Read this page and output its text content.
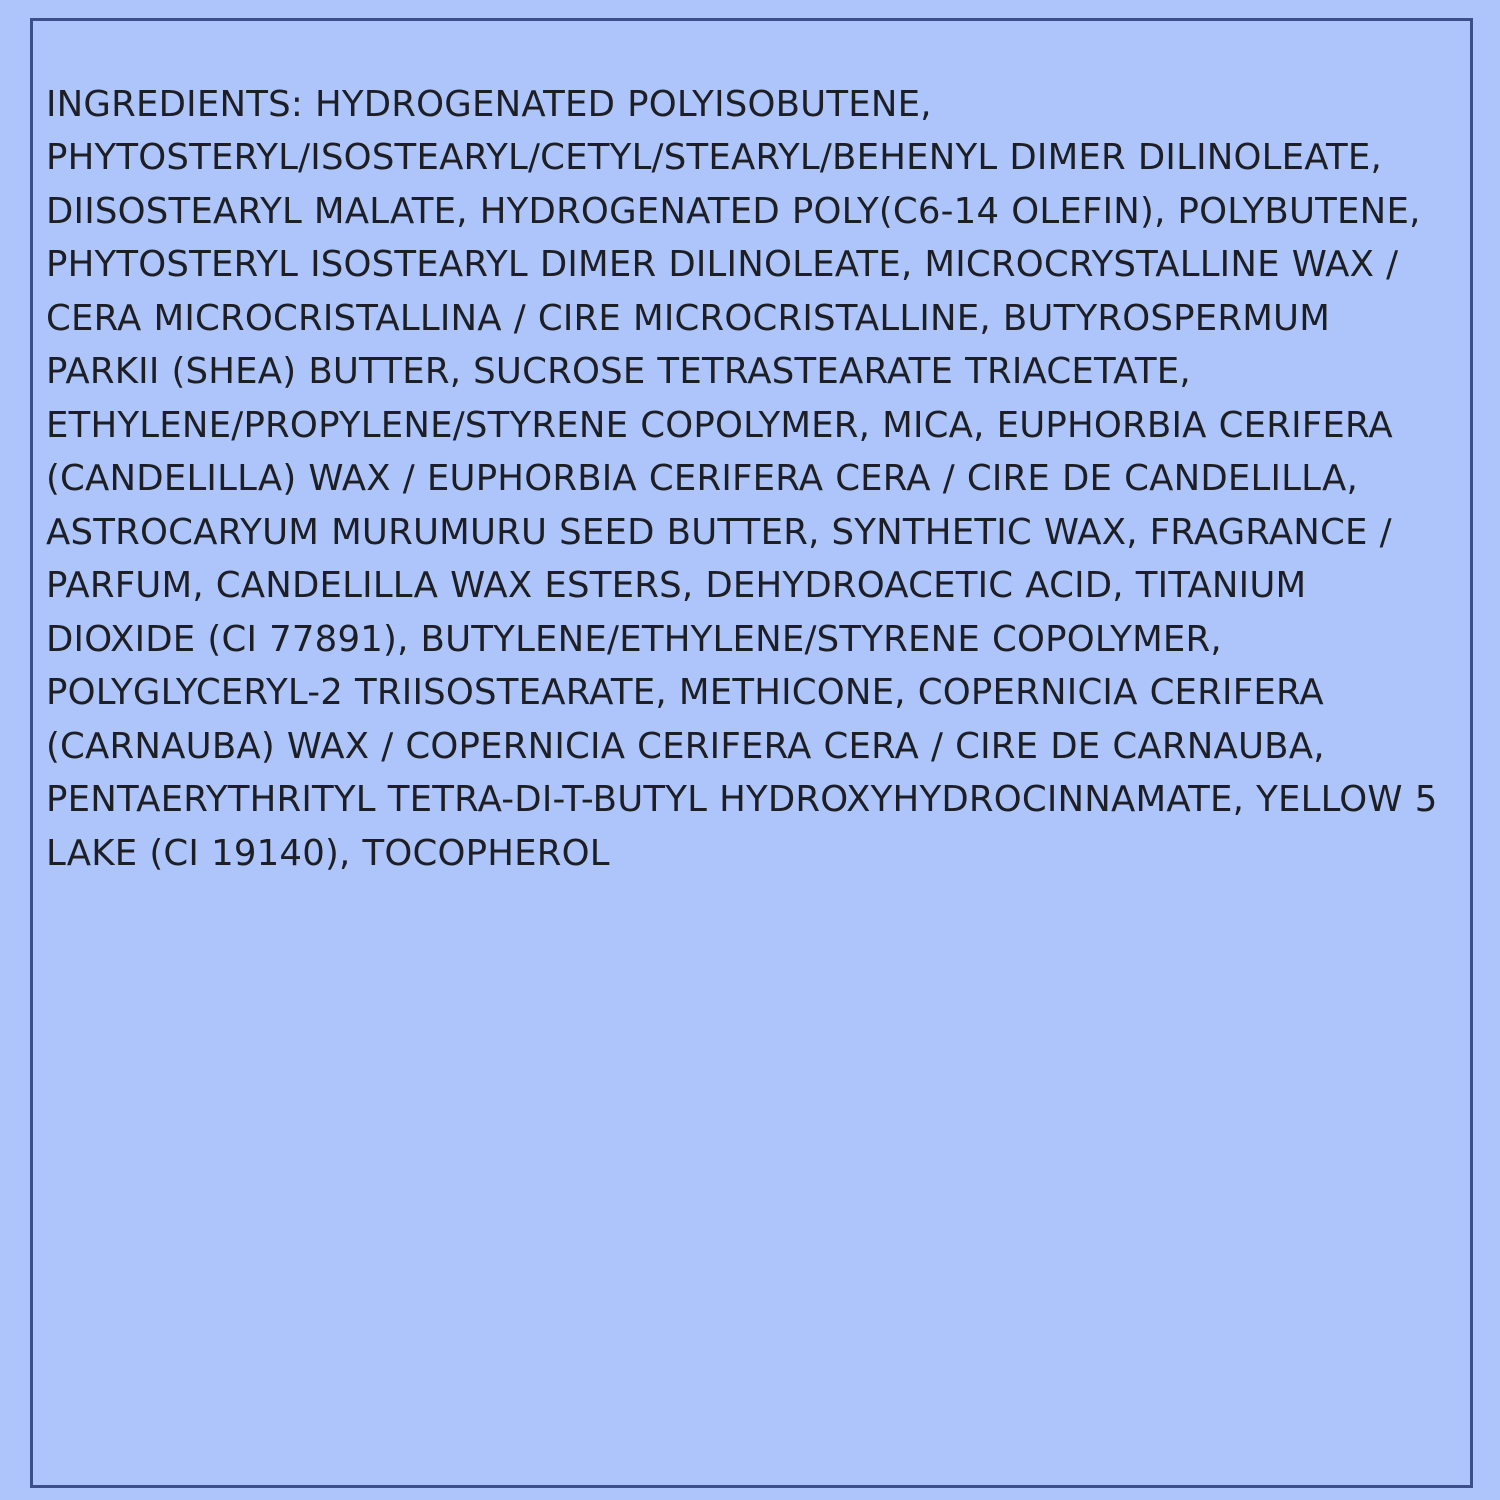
INGREDIENTS: HYDROGENATED POLYISOBUTENE, PHYTOSTERYL/ISOSTEARYL/CETYL/STEARYL/BEHENYL DIMER DILINOLEATE, DIISOSTEARYL MALATE, HYDROGENATED POLY(C6-14 OLEFIN), POLYBUTENE, PHYTOSTERYL ISOSTEARYL DIMER DILINOLEATE, MICROCRYSTALLINE WAX / CERA MICROCRISTALLINA / CIRE MICROCRISTALLINE, BUTYROSPERMUM PARKII (SHEA) BUTTER, SUCROSE TETRASTEARATE TRIACETATE, ETHYLENE/PROPYLENE/STYRENE COPOLYMER, MICA, EUPHORBIA CERIFERA (CANDELILLA) WAX / EUPHORBIA CERIFERA CERA / CIRE DE CANDELILLA, ASTROCARYUM MURUMURU SEED BUTTER, SYNTHETIC WAX, FRAGRANCE / PARFUM, CANDELILLA WAX ESTERS, DEHYDROACETIC ACID, TITANIUM DIOXIDE (CI 77891), BUTYLENE/ETHYLENE/STYRENE COPOLYMER, POLYGLYCERYL-2 TRIISOSTEARATE, METHICONE, COPERNICIA CERIFERA (CARNAUBA) WAX / COPERNICIA CERIFERA CERA / CIRE DE CARNAUBA, PENTAERYTHRITYL TETRA-DI-T-BUTYL HYDROXYHYDROCINNAMATE, YELLOW 5 LAKE (CI 19140), TOCOPHEROL
